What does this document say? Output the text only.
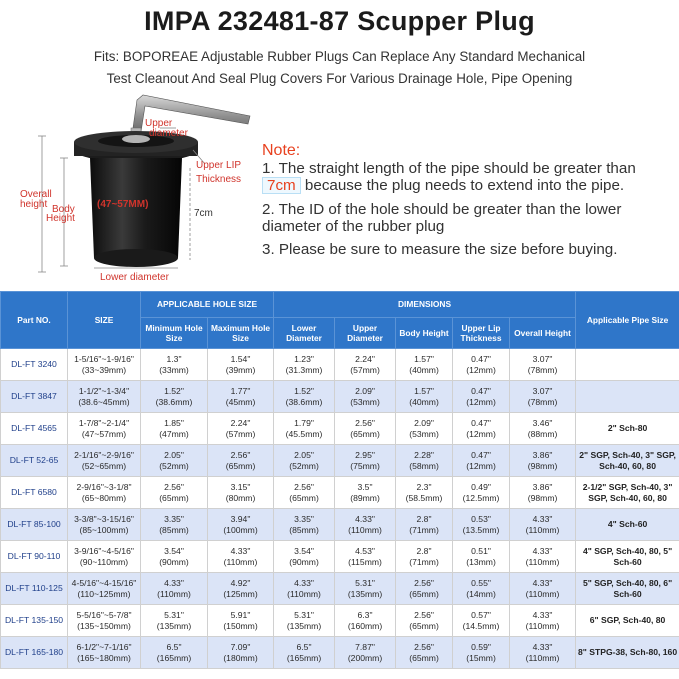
IMPA 232481-87 Scupper Plug
Fits: BOPOREAE Adjustable Rubber Plugs Can Replace Any Standard Mechanical
Test Cleanout And Seal Plug Covers For Various Drainage Hole, Pipe Opening
Upper
diameter
Upper LIP
Thickness
Overall
height Body
Height
(47~57MM)
7cm
Lower diameter
Note:

1. The straight length of the pipe should be greater than 7cm because the plug needs to extend into the pipe.

2. The ID of the hole should be greater than the lower diameter of the rubber plug

3. Please be sure to measure the size before buying.

Part NO.	SIZE	APPLICABLE HOLE SIZE		DIMENSIONS					Applicable Pipe Size
		Minimum Hole Size	Maximum Hole Size	Lower Diameter	Upper Diameter	Body Height	Upper Lip Thickness	Overall Height	
DL-FT 3240	1-5/16"~1-9/16"
(33~39mm)	1.3"
(33mm)	1.54"
(39mm)	1.23"
(31.3mm)	2.24"
(57mm)	1.57"
(40mm)	0.47"
(12mm)	3.07"
(78mm)	
DL-FT 3847	1-1/2"~1-3/4"
(38.6~45mm)	1.52"
(38.6mm)	1.77"
(45mm)	1.52"
(38.6mm)	2.09"
(53mm)	1.57"
(40mm)	0.47"
(12mm)	3.07"
(78mm)	
DL-FT 4565	1-7/8"~2-1/4"
(47~57mm)	1.85"
(47mm)	2.24"
(57mm)	1.79"
(45.5mm)	2.56"
(65mm)	2.09"
(53mm)	0.47"
(12mm)	3.46"
(88mm)	2" Sch-80
DL-FT 52-65	2-1/16"~2-9/16"
(52~65mm)	2.05"
(52mm)	2.56"
(65mm)	2.05"
(52mm)	2.95"
(75mm)	2.28"
(58mm)	0.47"
(12mm)	3.86"
(98mm)	2" SGP, Sch-40, 3" SGP, Sch-40, 60, 80
DL-FT 6580	2-9/16"~3-1/8"
(65~80mm)	2.56"
(65mm)	3.15"
(80mm)	2.56"
(65mm)	3.5"
(89mm)	2.3"
(58.5mm)	0.49"
(12.5mm)	3.86"
(98mm)	2-1/2" SGP, Sch-40, 3" SGP, Sch-40, 60, 80
DL-FT 85-100	3-3/8"~3-15/16"
(85~100mm)	3.35"
(85mm)	3.94"
(100mm)	3.35"
(85mm)	4.33"
(110mm)	2.8"
(71mm)	0.53"
(13.5mm)	4.33"
(110mm)	4" Sch-60
DL-FT 90-110	3-9/16"~4-5/16"
(90~110mm)	3.54"
(90mm)	4.33"
(110mm)	3.54"
(90mm)	4.53"
(115mm)	2.8"
(71mm)	0.51"
(13mm)	4.33"
(110mm)	4" SGP, Sch-40, 80, 5" Sch-60
DL-FT 110-125	4-5/16"~4-15/16"
(110~125mm)	4.33"
(110mm)	4.92"
(125mm)	4.33"
(110mm)	5.31"
(135mm)	2.56"
(65mm)	0.55"
(14mm)	4.33"
(110mm)	5" SGP, Sch-40, 80, 6" Sch-60
DL-FT 135-150	5-5/16"~5-7/8"
(135~150mm)	5.31"
(135mm)	5.91"
(150mm)	5.31"
(135mm)	6.3"
(160mm)	2.56"
(65mm)	0.57"
(14.5mm)	4.33"
(110mm)	6" SGP, Sch-40, 80
DL-FT 165-180	6-1/2"~7-1/16"
(165~180mm)	6.5"
(165mm)	7.09"
(180mm)	6.5"
(165mm)	7.87"
(200mm)	2.56"
(65mm)	0.59"
(15mm)	4.33"
(110mm)	8" STPG-38, Sch-80, 160
